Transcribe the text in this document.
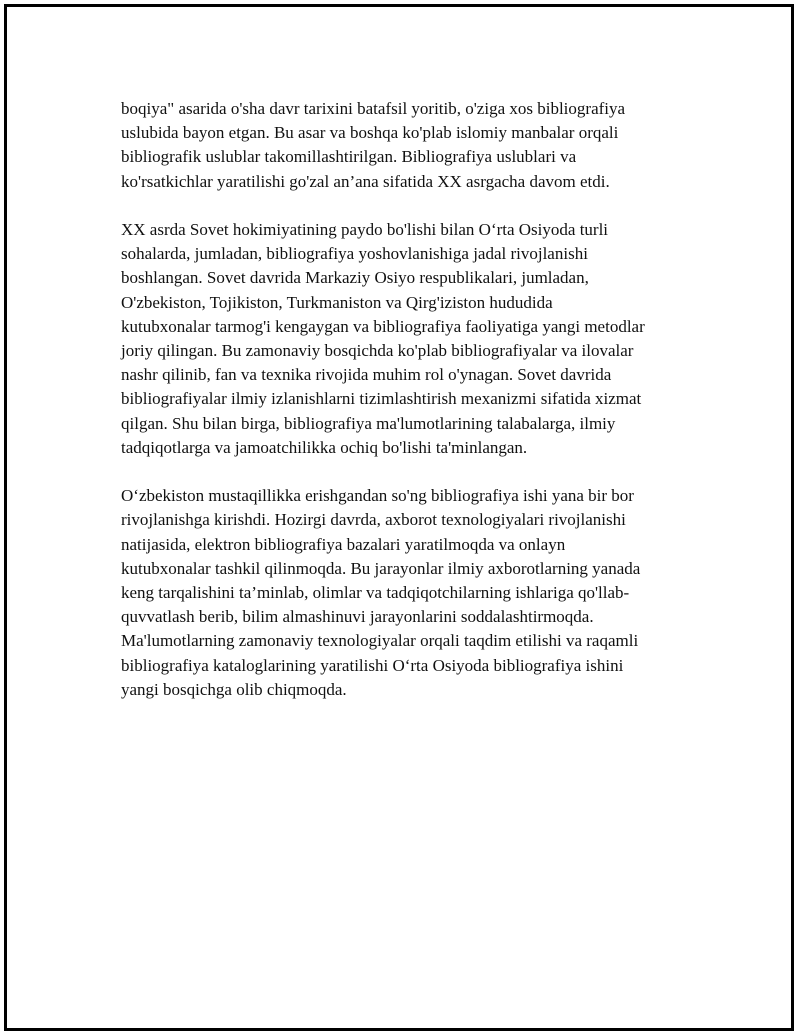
boqiya" asarida o'sha davr tarixini batafsil yoritib, o'ziga xos bibliografiya
uslubida bayon etgan. Bu asar va boshqa ko'plab islomiy manbalar orqali
bibliografik uslublar takomillashtirilgan. Bibliografiya uslublari va
ko'rsatkichlar yaratilishi go'zal an’ana sifatida XX asrgacha davom etdi.

XX asrda Sovet hokimiyatining paydo bo'lishi bilan O‘rta Osiyoda turli
sohalarda, jumladan, bibliografiya yoshovlanishiga jadal rivojlanishi
boshlangan. Sovet davrida Markaziy Osiyo respublikalari, jumladan,
O'zbekiston, Tojikiston, Turkmaniston va Qirg'iziston hududida
kutubxonalar tarmog'i kengaygan va bibliografiya faoliyatiga yangi metodlar
joriy qilingan. Bu zamonaviy bosqichda ko'plab bibliografiyalar va ilovalar
nashr qilinib, fan va texnika rivojida muhim rol o'ynagan. Sovet davrida
bibliografiyalar ilmiy izlanishlarni tizimlashtirish mexanizmi sifatida xizmat
qilgan. Shu bilan birga, bibliografiya ma'lumotlarining talabalarga, ilmiy
tadqiqotlarga va jamoatchilikka ochiq bo'lishi ta'minlangan.

O‘zbekiston mustaqillikka erishgandan so'ng bibliografiya ishi yana bir bor
rivojlanishga kirishdi. Hozirgi davrda, axborot texnologiyalari rivojlanishi
natijasida, elektron bibliografiya bazalari yaratilmoqda va onlayn
kutubxonalar tashkil qilinmoqda. Bu jarayonlar ilmiy axborotlarning yanada
keng tarqalishini ta’minlab, olimlar va tadqiqotchilarning ishlariga qo'llab-
quvvatlash berib, bilim almashinuvi jarayonlarini soddalashtirmoqda.
Ma'lumotlarning zamonaviy texnologiyalar orqali taqdim etilishi va raqamli
bibliografiya kataloglarining yaratilishi O‘rta Osiyoda bibliografiya ishini
yangi bosqichga olib chiqmoqda.
